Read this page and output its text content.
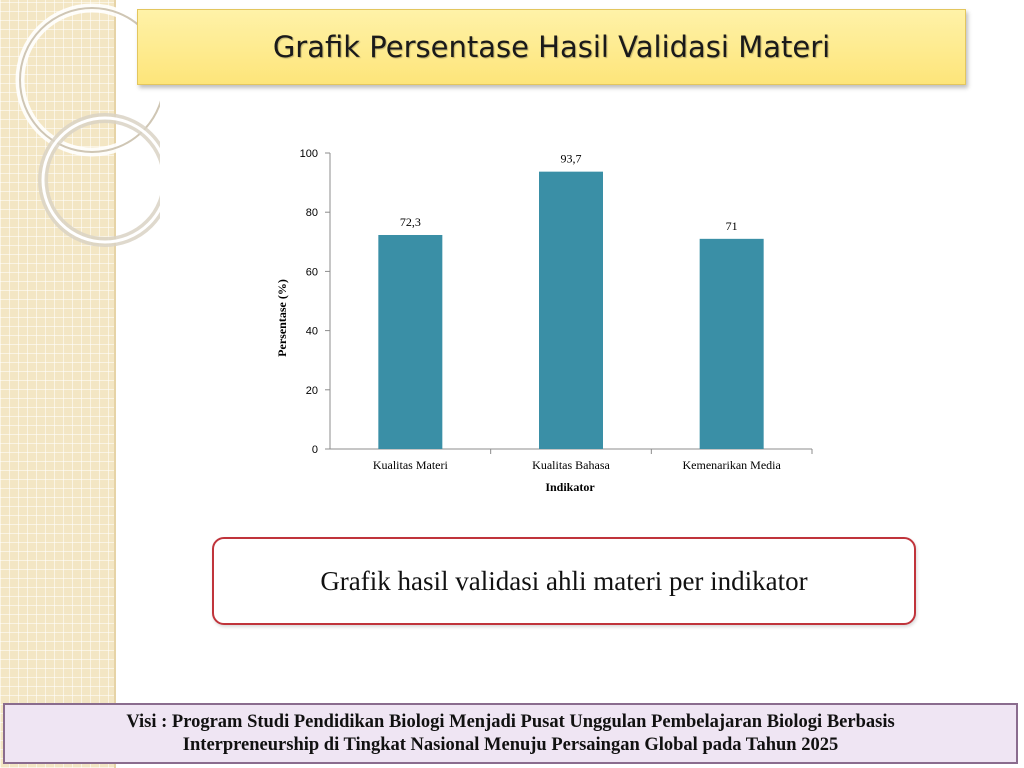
Grafik Persentase Hasil Validasi Materi
0
20
40
60
80
100
72,3
Kualitas Materi
93,7
Kualitas Bahasa
71
Kemenarikan Media
Indikator
Persentase (%)
Grafik hasil validasi ahli materi per indikator
Visi : Program Studi Pendidikan Biologi Menjadi Pusat Unggulan Pembelajaran Biologi Berbasis
Interpreneurship di Tingkat Nasional Menuju Persaingan Global pada Tahun 2025
